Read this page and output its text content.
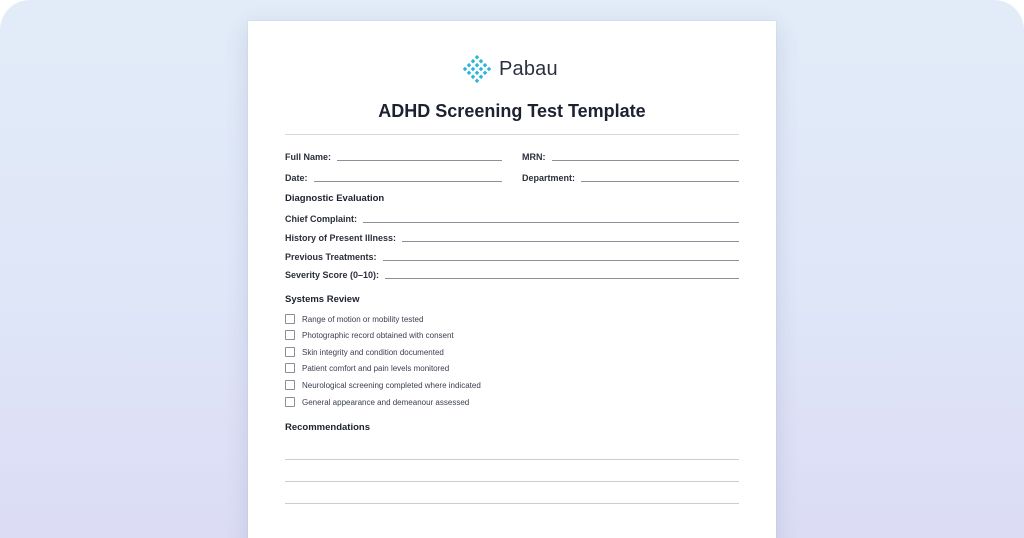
Pabau
ADHD Screening Test Template
Full Name:	MRN:
Date:	Department:
Diagnostic Evaluation
Chief Complaint:
History of Present Illness:
Previous Treatments:
Severity Score (0–10):
Systems Review
Range of motion or mobility tested
Photographic record obtained with consent
Skin integrity and condition documented
Patient comfort and pain levels monitored
Neurological screening completed where indicated
General appearance and demeanour assessed
Recommendations
